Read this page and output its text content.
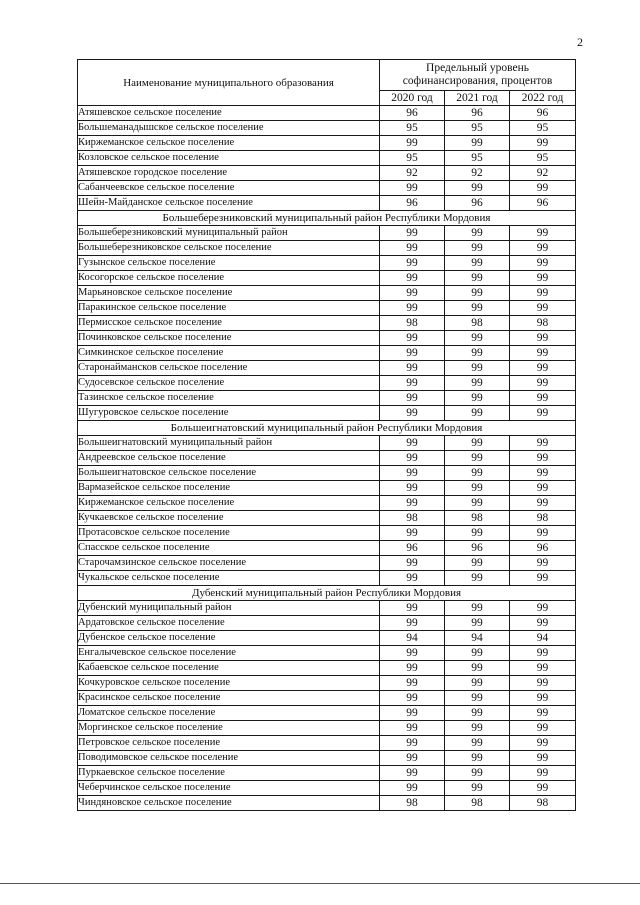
2
Наименование муниципального образования	Предельный уровень
софинансирования, процентов		
	2020 год	2021 год	2022 год
Атяшевское сельское поселение	96	96	96
Большеманадышское сельское поселение	95	95	95
Киржеманское сельское поселение	99	99	99
Козловское сельское поселение	95	95	95
Атяшевское городское поселение	92	92	92
Сабанчеевское сельское поселение	99	99	99
Шейн-Майданское сельское поселение	96	96	96
Большеберезниковский муниципальный район Республики Мордовия			
Большеберезниковский муниципальный район	99	99	99
Большеберезниковское сельское поселение	99	99	99
Гузынское сельское поселение	99	99	99
Косогорское сельское поселение	99	99	99
Марьяновское сельское поселение	99	99	99
Паракинское сельское поселение	99	99	99
Пермисское сельское поселение	98	98	98
Починковское сельское поселение	99	99	99
Симкинское сельское поселение	99	99	99
Старонаймансков сельское поселение	99	99	99
Судосевское сельское поселение	99	99	99
Тазинское сельское поселение	99	99	99
Шугуровское сельское поселение	99	99	99
Большеигнатовский муниципальный район Республики Мордовия			
Большеигнатовский муниципальный район	99	99	99
Андреевское сельское поселение	99	99	99
Большеигнатовское сельское поселение	99	99	99
Вармазейское сельское поселение	99	99	99
Киржеманское сельское поселение	99	99	99
Кучкаевское сельское поселение	98	98	98
Протасовское сельское поселение	99	99	99
Спасское сельское поселение	96	96	96
Старочамзинское сельское поселение	99	99	99
Чукальское сельское поселение	99	99	99
Дубенский муниципальный район Республики Мордовия			
Дубенский муниципальный район	99	99	99
Ардатовское сельское поселение	99	99	99
Дубенское сельское поселение	94	94	94
Енгалычевское сельское поселение	99	99	99
Кабаевское сельское поселение	99	99	99
Кочкуровское сельское поселение	99	99	99
Красинское сельское поселение	99	99	99
Ломатское сельское поселение	99	99	99
Моргинское сельское поселение	99	99	99
Петровское сельское поселение	99	99	99
Поводимовское сельское поселение	99	99	99
Пуркаевское сельское поселение	99	99	99
Чеберчинское сельское поселение	99	99	99
Чиндяновское сельское поселение	98	98	98
